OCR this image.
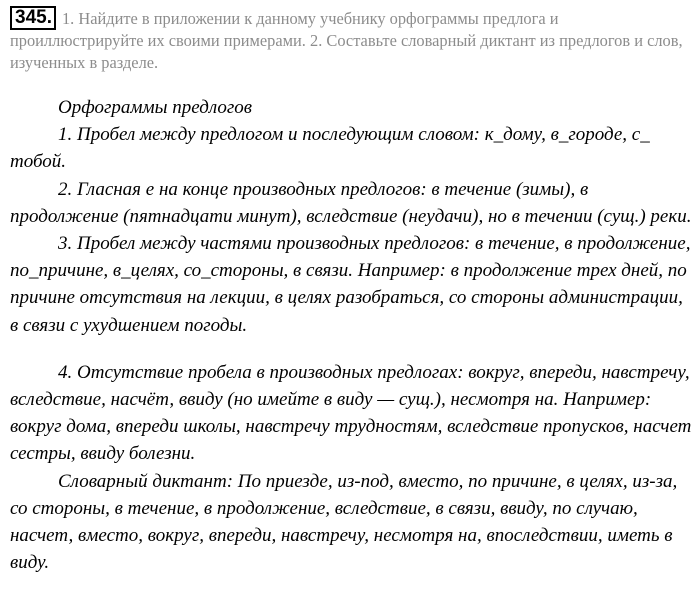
345. 1. Найдите в приложении к данному учебнику орфограммы предлога и проиллюстрируйте их своими примерами. 2. Составьте словарный диктант из предлогов и слов, изученных в разделе.

Орфограммы предлогов

1. Пробел между предлогом и последующим словом: к_дому, в_городе, с_ тобой.

2. Гласная е на конце производных предлогов: в течение (зимы), в продолжение (пятнадцати минут), вследствие (неудачи), но в течении (сущ.) реки.

3. Пробел между частями производных предлогов: в течение, в продолжение, по_причине, в_целях, со_стороны, в связи. Например: в продолжение трех дней, по причине отсутствия на лекции, в целях разобраться, со стороны администрации, в связи с ухудшением погоды.

4. Отсутствие пробела в производных предлогах: вокруг, впереди, навстречу, вследствие, насчёт, ввиду (но имейте в виду — сущ.), несмотря на. Например: вокруг дома, впереди школы, навстречу трудностям, вследствие пропусков, насчет сестры, ввиду болезни.

Словарный диктант: По приезде, из-под, вместо, по причине, в целях, из-за, со стороны, в течение, в продолжение, вследствие, в связи, ввиду, по случаю, насчет, вместо, вокруг, впереди, навстречу, несмотря на, впоследствии, иметь в виду.
